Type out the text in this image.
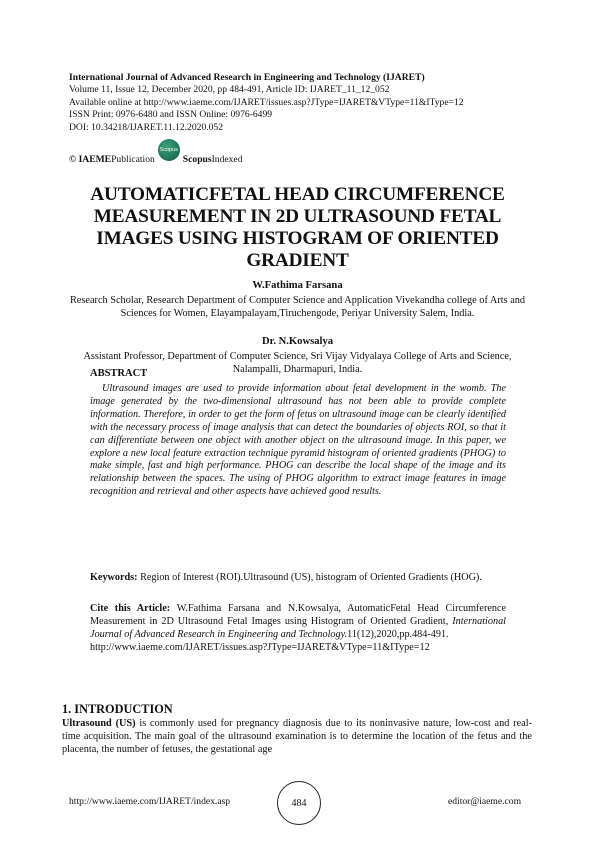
International Journal of Advanced Research in Engineering and Technology (IJARET)
Volume 11, Issue 12, December 2020, pp 484-491, Article ID: IJARET_11_12_052
Available online at http://www.iaeme.com/IJARET/issues.asp?JType=IJARET&VType=11&IType=12
ISSN Print: 0976-6480 and ISSN Online: 0976-6499
DOI: 10.34218/IJARET.11.12.2020.052
© IAEME Publication
Scopus
Scopus Indexed
AUTOMATICFETAL HEAD CIRCUMFERENCE MEASUREMENT IN 2D ULTRASOUND FETAL IMAGES USING HISTOGRAM OF ORIENTED GRADIENT
W.Fathima Farsana
Research Scholar, Research Department of Computer Science and Application Vivekandha college of Arts and Sciences for Women, Elayampalayam,Tiruchengode, Periyar University Salem, India.
Dr. N.Kowsalya
Assistant Professor, Department of Computer Science, Sri Vijay Vidyalaya College of Arts and Science, Nalampalli, Dharmapuri, India.
ABSTRACT
Ultrasound images are used to provide information about fetal development in the womb. The image generated by the two-dimensional ultrasound has not been able to provide complete information. Therefore, in order to get the form of fetus on ultrasound image can be clearly identified with the necessary process of image analysis that can detect the boundaries of objects ROI, so that it can differentiate between one object with another object on the ultrasound image. In this paper, we explore a new local feature extraction technique pyramid histogram of oriented gradients (PHOG) to make simple, fast and high performance. PHOG can describe the local shape of the image and its relationship between the spaces. The using of PHOG algorithm to extract image features in image recognition and retrieval and other aspects have achieved good results.
Keywords: Region of Interest (ROI).Ultrasound (US), histogram of Oriented Gradients (HOG).
Cite this Article: W.Fathima Farsana and N.Kowsalya, AutomaticFetal Head Circumference Measurement in 2D Ultrasound Fetal Images using Histogram of Oriented Gradient, International Journal of Advanced Research in Engineering and Technology.11(12),2020,pp.484-491.
http://www.iaeme.com/IJARET/issues.asp?JType=IJARET&VType=11&IType=12
1. INTRODUCTION
Ultrasound (US) is commonly used for pregnancy diagnosis due to its noninvasive nature, low-cost and real-time acquisition. The main goal of the ultrasound examination is to determine the location of the fetus and the placenta, the number of fetuses, the gestational age
http://www.iaeme.com/IJARET/index.asp	484	editor@iaeme.com
